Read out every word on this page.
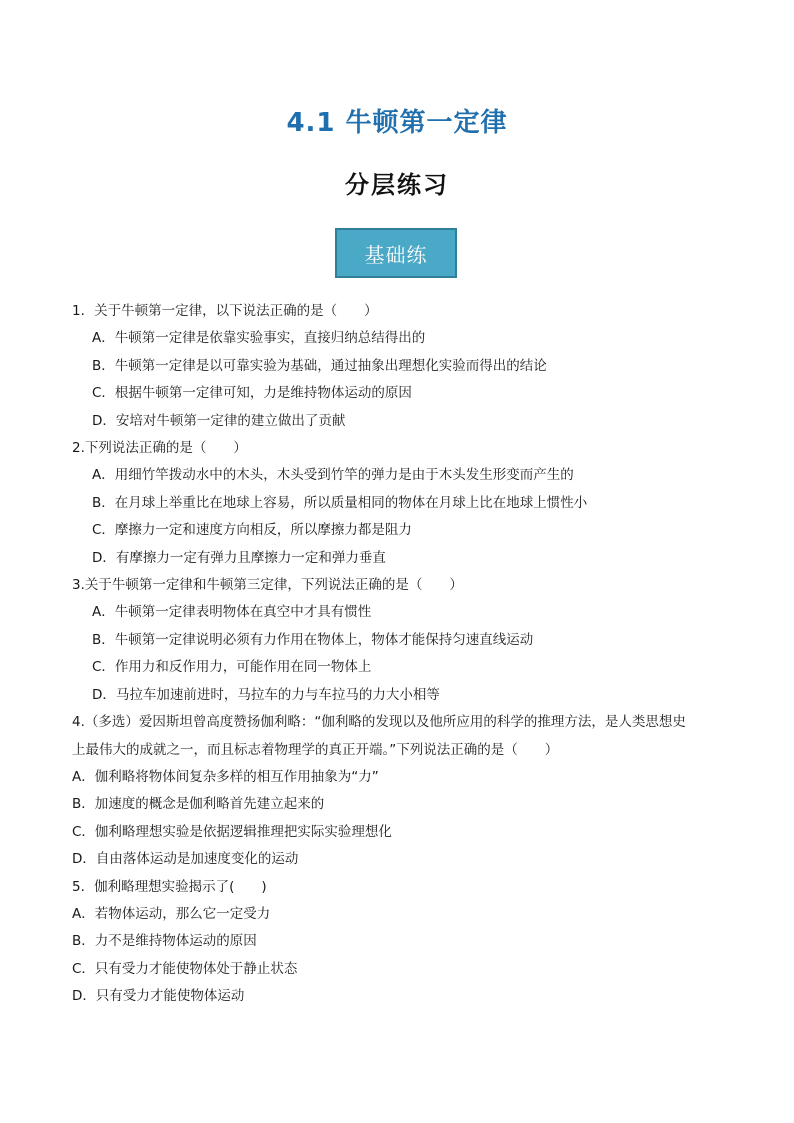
4.1 牛顿第一定律
分层练习
基础练
1．关于牛顿第一定律，以下说法正确的是（　　）
A．牛顿第一定律是依靠实验事实，直接归纳总结得出的
B．牛顿第一定律是以可靠实验为基础，通过抽象出理想化实验而得出的结论
C．根据牛顿第一定律可知，力是维持物体运动的原因
D．安培对牛顿第一定律的建立做出了贡献
2.下列说法正确的是（　　）
A．用细竹竿拨动水中的木头，木头受到竹竿的弹力是由于木头发生形变而产生的
B．在月球上举重比在地球上容易，所以质量相同的物体在月球上比在地球上惯性小
C．摩擦力一定和速度方向相反，所以摩擦力都是阻力
D．有摩擦力一定有弹力且摩擦力一定和弹力垂直
3.关于牛顿第一定律和牛顿第三定律，下列说法正确的是（　　）
A．牛顿第一定律表明物体在真空中才具有惯性
B．牛顿第一定律说明必须有力作用在物体上，物体才能保持匀速直线运动
C．作用力和反作用力，可能作用在同一物体上
D．马拉车加速前进时，马拉车的力与车拉马的力大小相等
4.（多选）爱因斯坦曾高度赞扬伽利略：“伽利略的发现以及他所应用的科学的推理方法，是人类思想史
上最伟大的成就之一，而且标志着物理学的真正开端。”下列说法正确的是（　　）
A．伽利略将物体间复杂多样的相互作用抽象为“力”
B．加速度的概念是伽利略首先建立起来的
C．伽利略理想实验是依据逻辑推理把实际实验理想化
D．自由落体运动是加速度变化的运动
5．伽利略理想实验揭示了(　　)
A．若物体运动，那么它一定受力
B．力不是维持物体运动的原因
C．只有受力才能使物体处于静止状态
D．只有受力才能使物体运动
